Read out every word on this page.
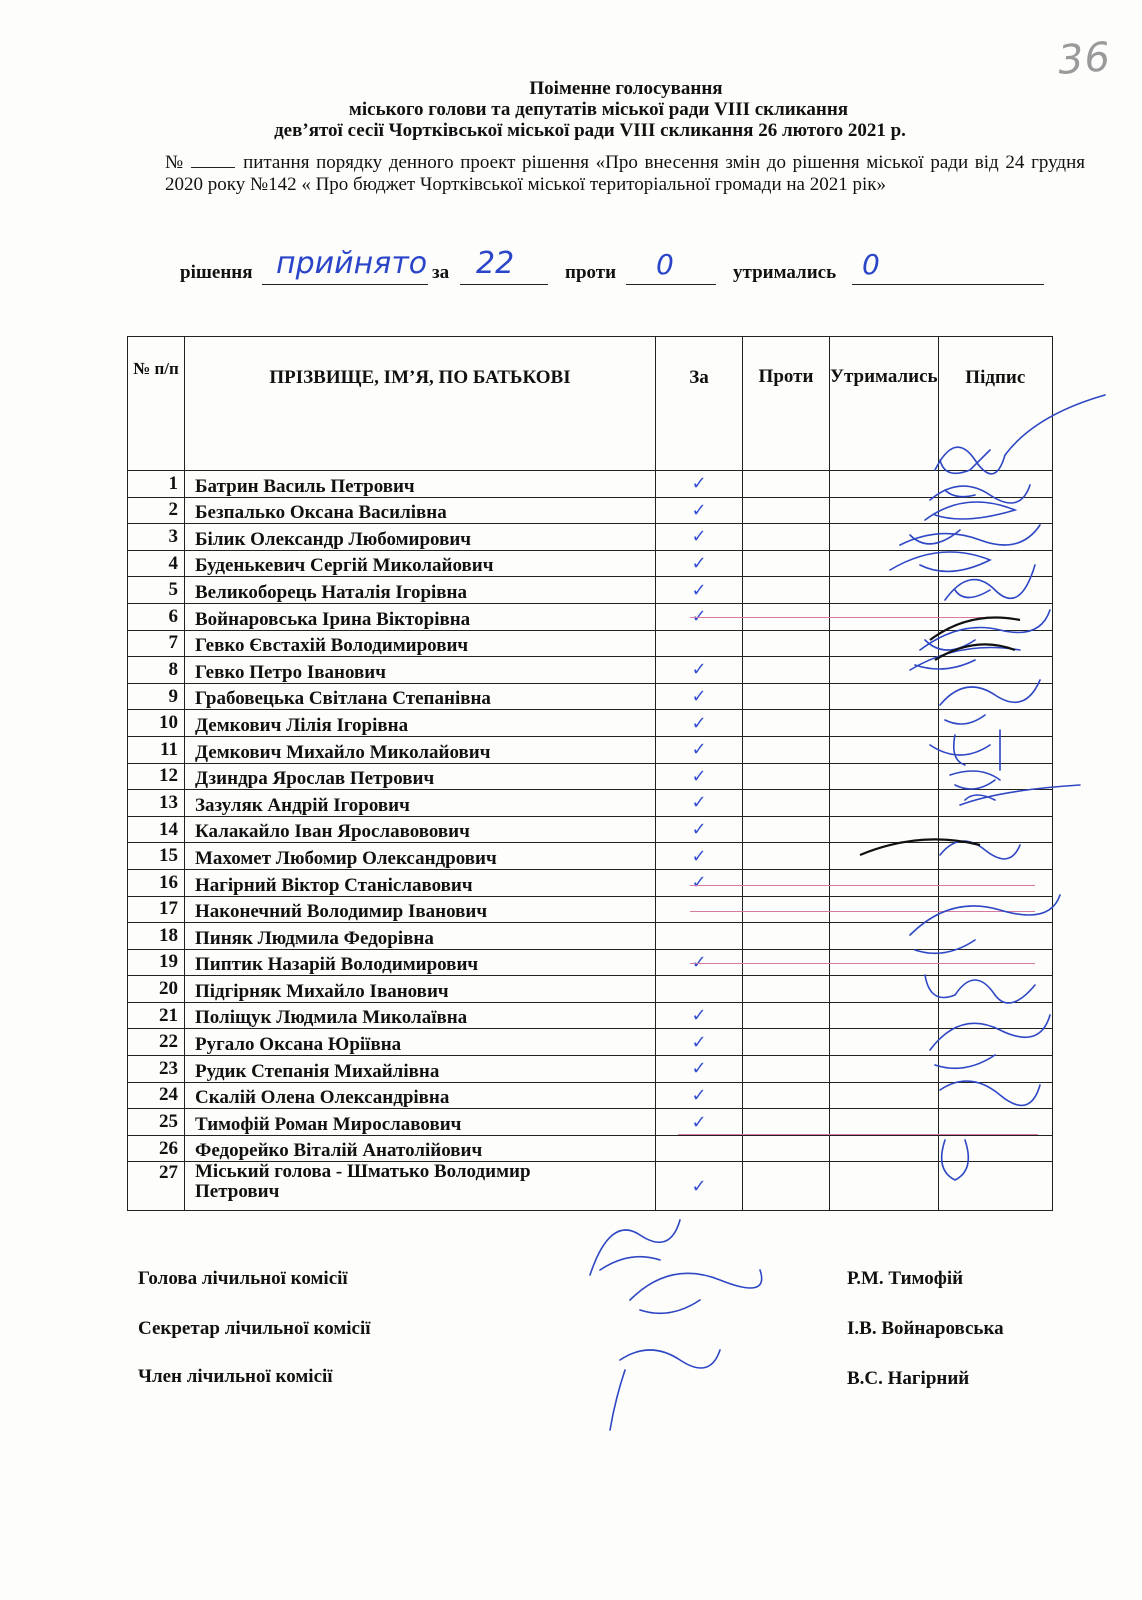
36
Поіменне голосування
міського голови та депутатів міської ради VIII скликання
дев’ятої сесії Чортківської міської ради VIII скликання 26 лютого 2021 р.
№	питання порядку денного проект рішення «Про внесення змін до рішення міської ради від 24 грудня 2020 року №142 « Про бюджет Чортківської міської територіальної громади на 2021 рік»
рішення прийнято за 22	проти 0	утримались 0
№ п/п	ПРІЗВИЩЕ, ІМ’Я, ПО БАТЬКОВІ	За	Проти	Утримались	Підпис
1	Батрин Василь Петрович	✓			

2	Безпалько Оксана Василівна	✓			

3	Білик Олександр Любомирович	✓			

4	Буденькевич Сергій Миколайович	✓			

5	Великоборець Наталія Ігорівна	✓			

6	Войнаровська Ірина Вікторівна	✓			

7	Гевко Євстахій Володимирович	

8	Гевко Петро Іванович	✓			

9	Грабовецька Світлана Степанівна	✓			

10	Демкович Лілія Ігорівна	✓			

11	Демкович Михайло Миколайович	✓			

12	Дзиндра Ярослав Петрович	✓			

13	Зазуляк Андрій Ігорович	✓			

14	Калакайло Іван Ярославовович	✓			

15	Махомет Любомир Олександрович	✓			

16	Нагірний Віктор Станіславович	✓			

17	Наконечний Володимир Іванович	

18	Пиняк Людмила Федорівна	

19	Пиптик Назарій Володимирович	✓			

20	Підгірняк Михайло Іванович	

21	Поліщук Людмила Миколаївна	✓			

22	Ругало Оксана Юріївна	✓			

23	Рудик Степанія Михайлівна	✓			

24	Скалій Олена Олександрівна	✓			

25	Тимофій Роман Мирославович	✓			

26	Федорейко Віталій Анатолійович	

27	Міський голова - Шматько Володимир
Петрович	✓			

Голова лічильної комісії	Р.М. Тимофій
Секретар лічильної комісії	І.В. Войнаровська
Член лічильної комісії	В.С. Нагірний
